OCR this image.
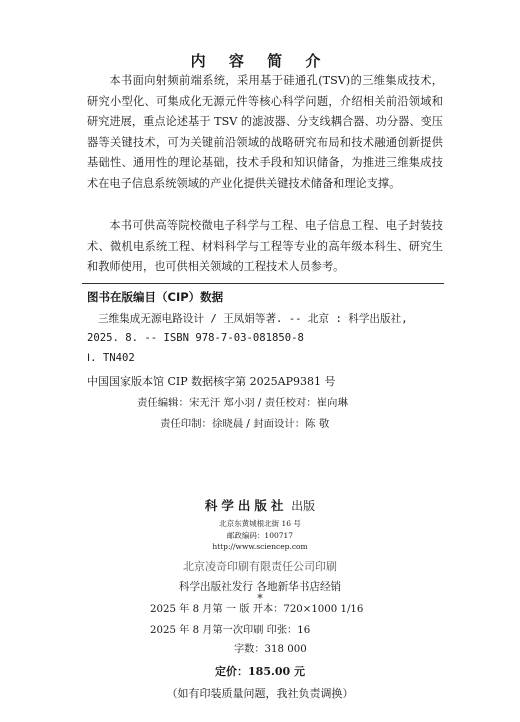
内 容 简 介

本书面向射频前端系统，采用基于硅通孔(TSV)的三维集成技术，研究小型化、可集成化无源元件等核心科学问题，介绍相关前沿领域和研究进展，重点论述基于 TSV 的滤波器、分支线耦合器、功分器、变压器等关键技术，可为关键前沿领域的战略研究布局和技术融通创新提供基础性、通用性的理论基础，技术手段和知识储备，为推进三维集成技术在电子信息系统领域的产业化提供关键技术储备和理论支撑。

本书可供高等院校微电子科学与工程、电子信息工程、电子封装技术、微机电系统工程、材料科学与工程等专业的高年级本科生、研究生和教师使用，也可供相关领域的工程技术人员参考。

图书在版编目（CIP）数据
三维集成无源电路设计 / 王凤娟等著. -- 北京 : 科学出版社,
2025. 8. -- ISBN 978-7-03-081850-8
Ⅰ. TN402
中国国家版本馆 CIP 数据核字第 2025AP9381 号
责任编辑：宋无汗 郑小羽 / 责任校对：崔向琳
责任印制：徐晓晨 / 封面设计：陈 敬
科学出版社 出版
北京东黄城根北街 16 号
邮政编码：100717
http://www.sciencep.com
北京凌奇印刷有限责任公司印刷
科学出版社发行 各地新华书店经销
*
2025 年 8 月第 一 版 开本：720×1000 1/16
2025 年 8 月第一次印刷 印张：16
字数：318 000
定价：185.00 元
（如有印装质量问题，我社负责调换）
